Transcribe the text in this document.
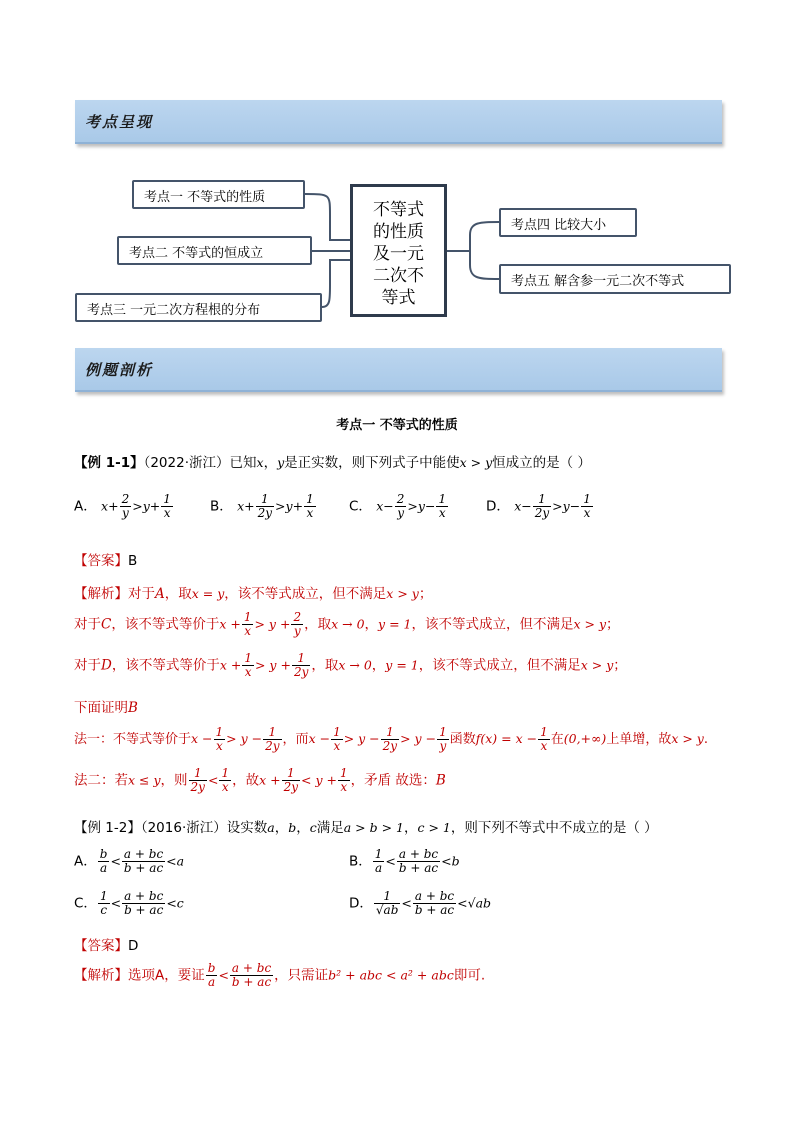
考点呈现
考点一 不等式的性质
考点二 不等式的恒成立
考点三 一元二次方程根的分布
不等式
的性质
及一元
二次不
等式
考点四 比较大小
考点五 解含参一元二次不等式
例题剖析
考点一 不等式的性质
【例 1-1】（2022·浙江）已知x，y是正实数，则下列式子中能使x > y恒成立的是（ ）
A． $x+ \frac{2}{y} >y+ \frac{1}{x}$	B． $x+ \frac{1}{2y} >y+ \frac{1}{x}$ C． $x- \frac{2}{y} >y- \frac{1}{x}$	D． $x- \frac{1}{2y} >y- \frac{1}{x}$
【答案】B
【解析】对于A，取x = y，该不等式成立，但不满足x > y；
对于C，该不等式等价于$x + \frac{1}{x} > y + \frac{2}{y}$ ，取x → 0，y = 1，该不等式成立，但不满足x > y；
对于D，该不等式等价于$x + \frac{1}{x} > y + \frac{1}{2y}$ ，取x → 0，y = 1，该不等式成立，但不满足x > y；
下面证明B
法一：不等式等价于$x - \frac{1}{x} > y - \frac{1}{2y}$ ，而$x - \frac{1}{x} > y - \frac{1}{2y} > y - \frac{1}{y}$ 函数$f(x) = x - \frac{1}{x}$ 在(0,+∞)上单增，故x > y.
法二：若x ≤ y，则 $\frac{1}{2y} < \frac{1}{x}$ ，故$x + \frac{1}{2y} < y + \frac{1}{x}$ ，矛盾 故选：B
【例 1-2】（2016·浙江）设实数a，b，c满足a > b > 1，c > 1，则下列不等式中不成立的是（ ）
A． $\frac{b}{a} < \frac{a + bc}{b + ac} <a$	B． $\frac{1}{a} < \frac{a + bc}{b + ac} <b$
C． $\frac{1}{c} < \frac{a + bc}{b + ac} <c$	D． $\frac{1}{√ab} < \frac{a + bc}{b + ac} <√ab$
【答案】D
【解析】选项A，要证 $\frac{b}{a} < \frac{a + bc}{b + ac}$ ，只需证b² + abc < a² + abc即可.
